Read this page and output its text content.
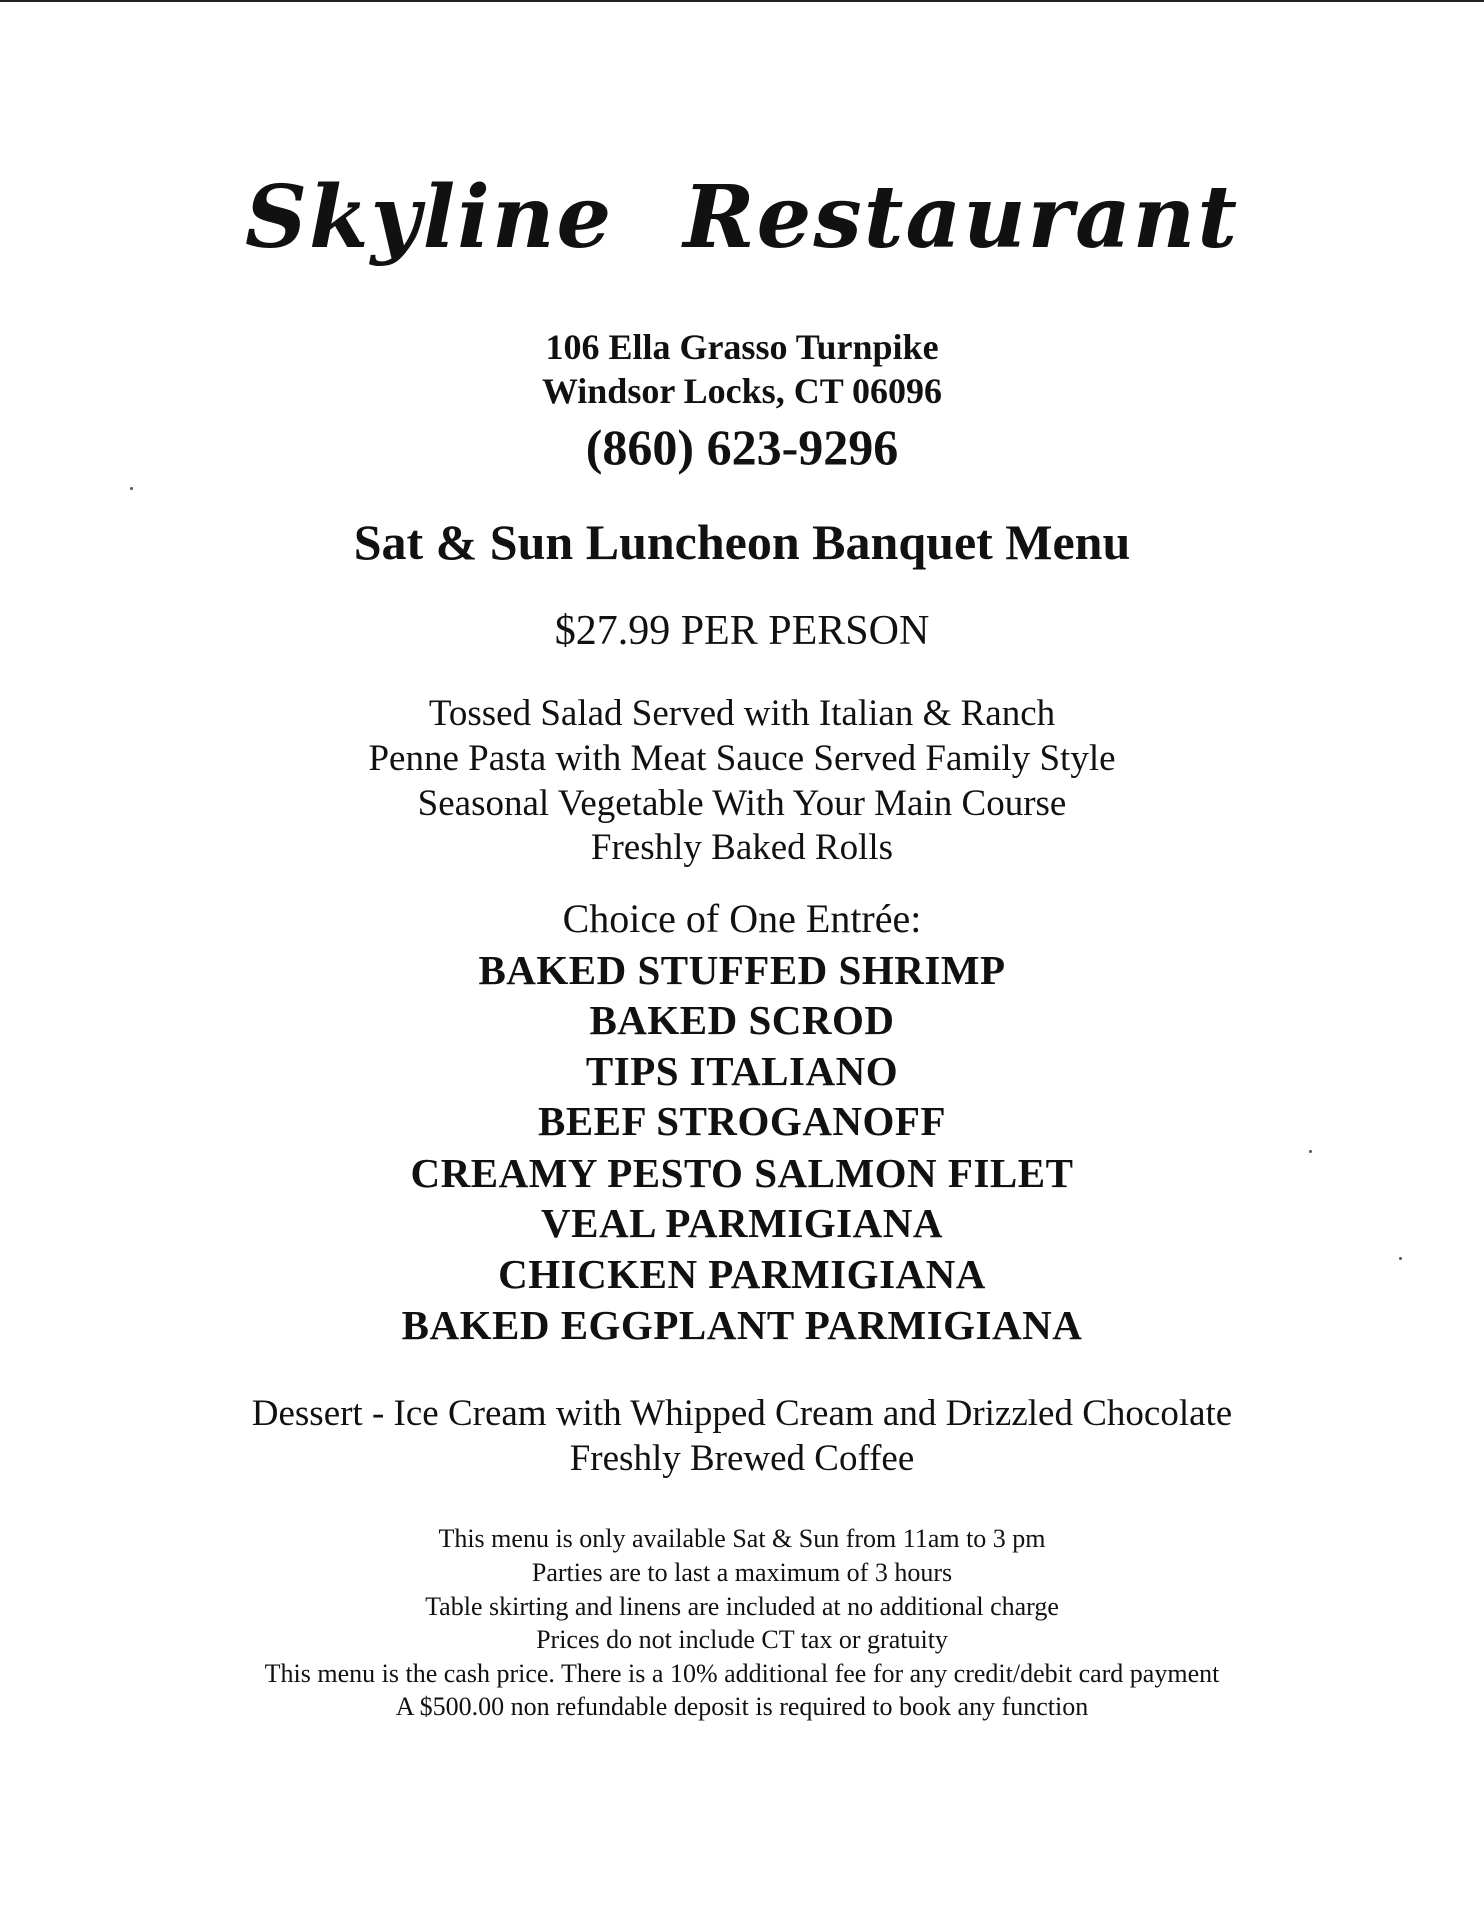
Skyline Restaurant
106 Ella Grasso Turnpike
Windsor Locks, CT 06096
(860) 623-9296
Sat & Sun Luncheon Banquet Menu
$27.99 PER PERSON
Tossed Salad Served with Italian & Ranch
Penne Pasta with Meat Sauce Served Family Style
Seasonal Vegetable With Your Main Course
Freshly Baked Rolls
Choice of One Entrée:
BAKED STUFFED SHRIMP
BAKED SCROD
TIPS ITALIANO
BEEF STROGANOFF
CREAMY PESTO SALMON FILET
VEAL PARMIGIANA
CHICKEN PARMIGIANA
BAKED EGGPLANT PARMIGIANA
Dessert - Ice Cream with Whipped Cream and Drizzled Chocolate
Freshly Brewed Coffee
This menu is only available Sat & Sun from 11am to 3 pm
Parties are to last a maximum of 3 hours
Table skirting and linens are included at no additional charge
Prices do not include CT tax or gratuity
This menu is the cash price. There is a 10% additional fee for any credit/debit card payment
A $500.00 non refundable deposit is required to book any function
